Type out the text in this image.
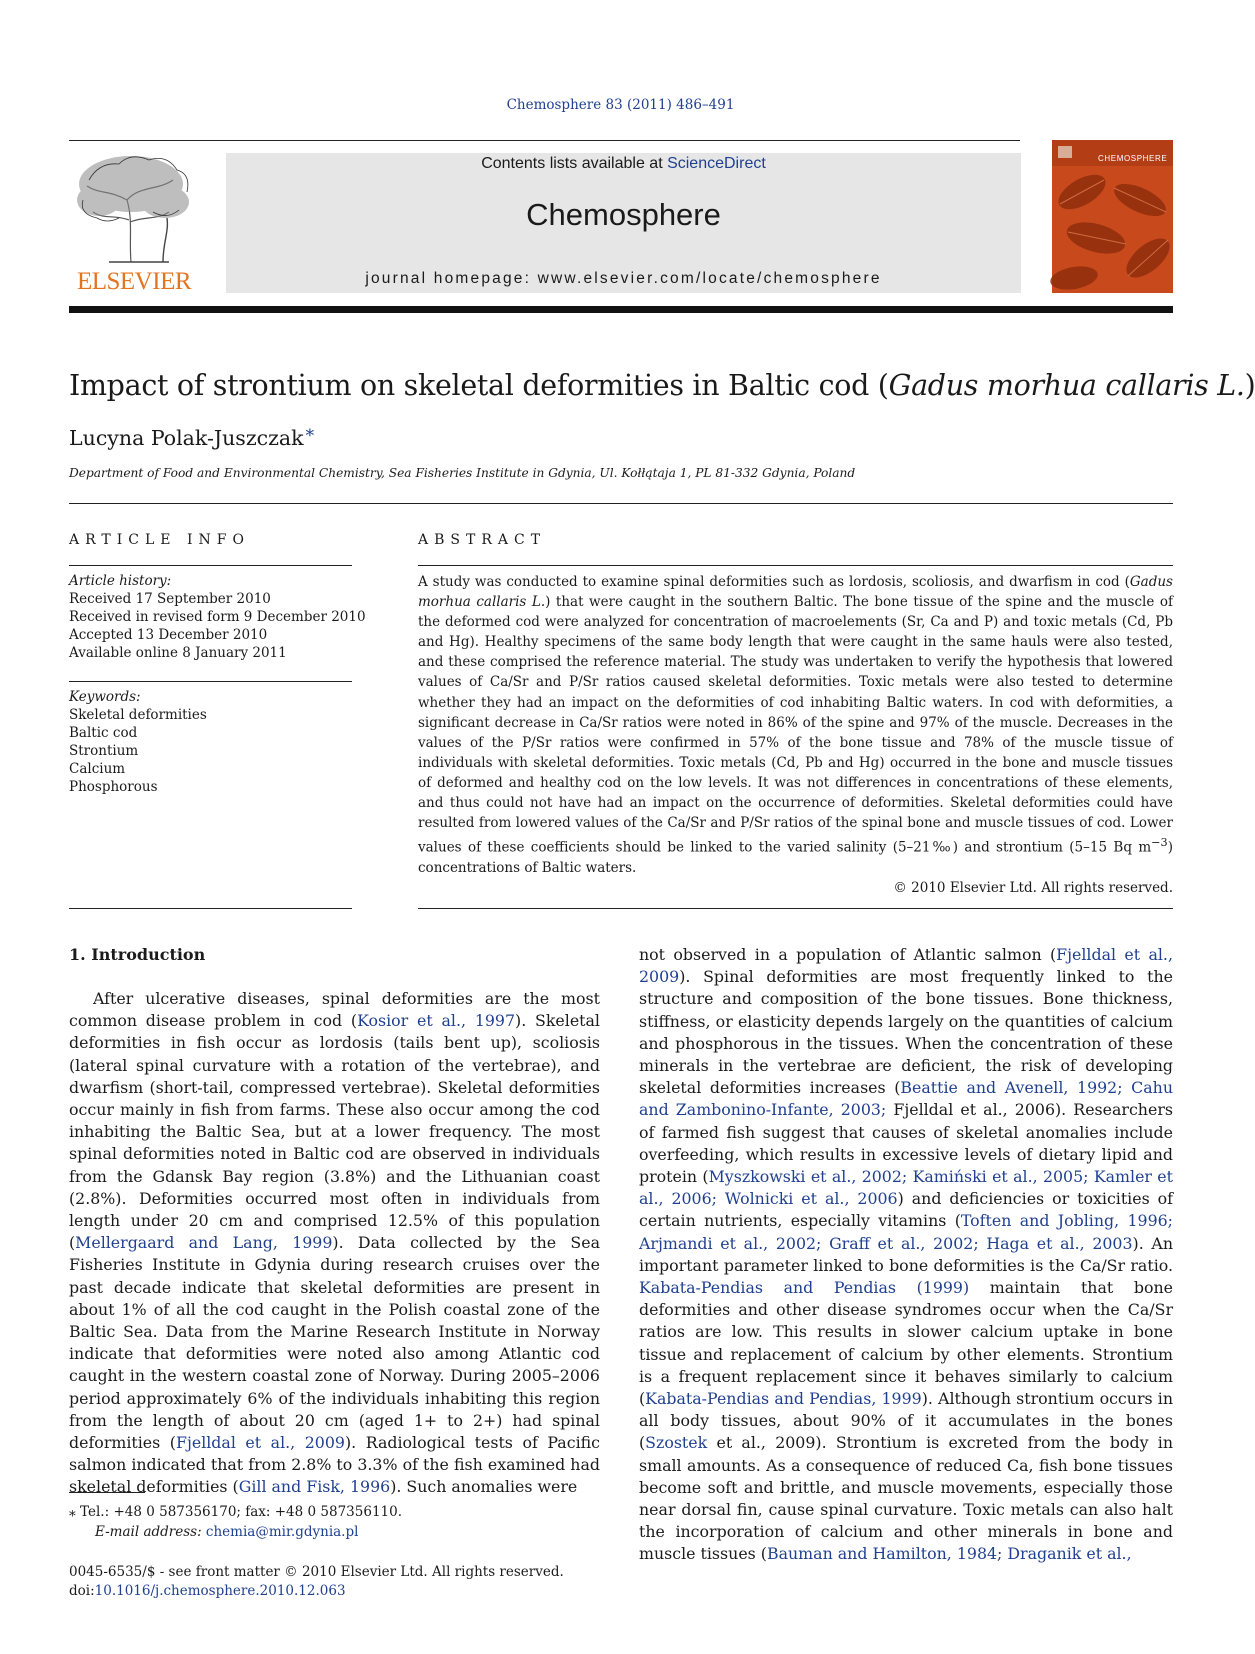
Chemosphere 83 (2011) 486–491
ELSEVIER
Contents lists available at ScienceDirect
Chemosphere
journal homepage: www.elsevier.com/locate/chemosphere
CHEMOSPHERE
Impact of strontium on skeletal deformities in Baltic cod (Gadus morhua callaris L.)
Lucyna Polak-Juszczak *
Department of Food and Environmental Chemistry, Sea Fisheries Institute in Gdynia, Ul. Kołłątaja 1, PL 81-332 Gdynia, Poland
ARTICLE INFO	ABSTRACT
Article history:
Received 17 September 2010
Received in revised form 9 December 2010
Accepted 13 December 2010
Available online 8 January 2011
Keywords:
Skeletal deformities
Baltic cod
Strontium
Calcium
Phosphorous
A study was conducted to examine spinal deformities such as lordosis, scoliosis, and dwarfism in cod (Gadus morhua callaris L.) that were caught in the southern Baltic. The bone tissue of the spine and the muscle of the deformed cod were analyzed for concentration of macroelements (Sr, Ca and P) and toxic metals (Cd, Pb and Hg). Healthy specimens of the same body length that were caught in the same hauls were also tested, and these comprised the reference material. The study was undertaken to verify the hypothesis that lowered values of Ca/Sr and P/Sr ratios caused skeletal deformities. Toxic metals were also tested to determine whether they had an impact on the deformities of cod inhabiting Baltic waters. In cod with deformities, a significant decrease in Ca/Sr ratios were noted in 86% of the spine and 97% of the muscle. Decreases in the values of the P/Sr ratios were confirmed in 57% of the bone tissue and 78% of the muscle tissue of individuals with skeletal deformities. Toxic metals (Cd, Pb and Hg) occurred in the bone and muscle tissues of deformed and healthy cod on the low levels. It was not differences in concentrations of these elements, and thus could not have had an impact on the occurrence of deformities. Skeletal deformities could have resulted from lowered values of the Ca/Sr and P/Sr ratios of the spinal bone and muscle tissues of cod. Lower values of these coefficients should be linked to the varied salinity (5–21‰) and strontium (5–15 Bq $m^{-3}$) concentrations of Baltic waters.
© 2010 Elsevier Ltd. All rights reserved.
1. Introduction
After ulcerative diseases, spinal deformities are the most common disease problem in cod (Kosior et al., 1997). Skeletal deformities in fish occur as lordosis (tails bent up), scoliosis (lateral spinal curvature with a rotation of the vertebrae), and dwarfism (short-tail, compressed vertebrae). Skeletal deformities occur mainly in fish from farms. These also occur among the cod inhabiting the Baltic Sea, but at a lower frequency. The most spinal deformities noted in Baltic cod are observed in individuals from the Gdansk Bay region (3.8%) and the Lithuanian coast (2.8%). Deformities occurred most often in individuals from length under 20 cm and comprised 12.5% of this population (Mellergaard and Lang, 1999). Data collected by the Sea Fisheries Institute in Gdynia during research cruises over the past decade indicate that skeletal deformities are present in about 1% of all the cod caught in the Polish coastal zone of the Baltic Sea. Data from the Marine Research Institute in Norway indicate that deformities were noted also among Atlantic cod caught in the western coastal zone of Norway. During 2005–2006 period approximately 6% of the individuals inhabiting this region from the length of about 20 cm (aged 1+ to 2+) had spinal deformities (Fjelldal et al., 2009). Radiological tests of Pacific salmon indicated that from 2.8% to 3.3% of the fish examined had skeletal deformities (Gill and Fisk, 1996). Such anomalies were
not observed in a population of Atlantic salmon (Fjelldal et al., 2009). Spinal deformities are most frequently linked to the structure and composition of the bone tissues. Bone thickness, stiffness, or elasticity depends largely on the quantities of calcium and phosphorous in the tissues. When the concentration of these minerals in the vertebrae are deficient, the risk of developing skeletal deformities increases (Beattie and Avenell, 1992; Cahu and Zambonino-Infante, 2003; Fjelldal et al., 2006). Researchers of farmed fish suggest that causes of skeletal anomalies include overfeeding, which results in excessive levels of dietary lipid and protein (Myszkowski et al., 2002; Kamiński et al., 2005; Kamler et al., 2006; Wolnicki et al., 2006) and deficiencies or toxicities of certain nutrients, especially vitamins (Toften and Jobling, 1996; Arjmandi et al., 2002; Graff et al., 2002; Haga et al., 2003). An important parameter linked to bone deformities is the Ca/Sr ratio. Kabata-Pendias and Pendias (1999) maintain that bone deformities and other disease syndromes occur when the Ca/Sr ratios are low. This results in slower calcium uptake in bone tissue and replacement of calcium by other elements. Strontium is a frequent replacement since it behaves similarly to calcium (Kabata-Pendias and Pendias, 1999). Although strontium occurs in all body tissues, about 90% of it accumulates in the bones (Szostek et al., 2009). Strontium is excreted from the body in small amounts. As a consequence of reduced Ca, fish bone tissues become soft and brittle, and muscle movements, especially those near dorsal fin, cause spinal curvature. Toxic metals can also halt the incorporation of calcium and other minerals in bone and muscle tissues (Bauman and Hamilton, 1984; Draganik et al.,
⁎ Tel.: +48 0 587356170; fax: +48 0 587356110.
E-mail address: chemia@mir.gdynia.pl
0045-6535/$ - see front matter © 2010 Elsevier Ltd. All rights reserved.
doi:10.1016/j.chemosphere.2010.12.063
